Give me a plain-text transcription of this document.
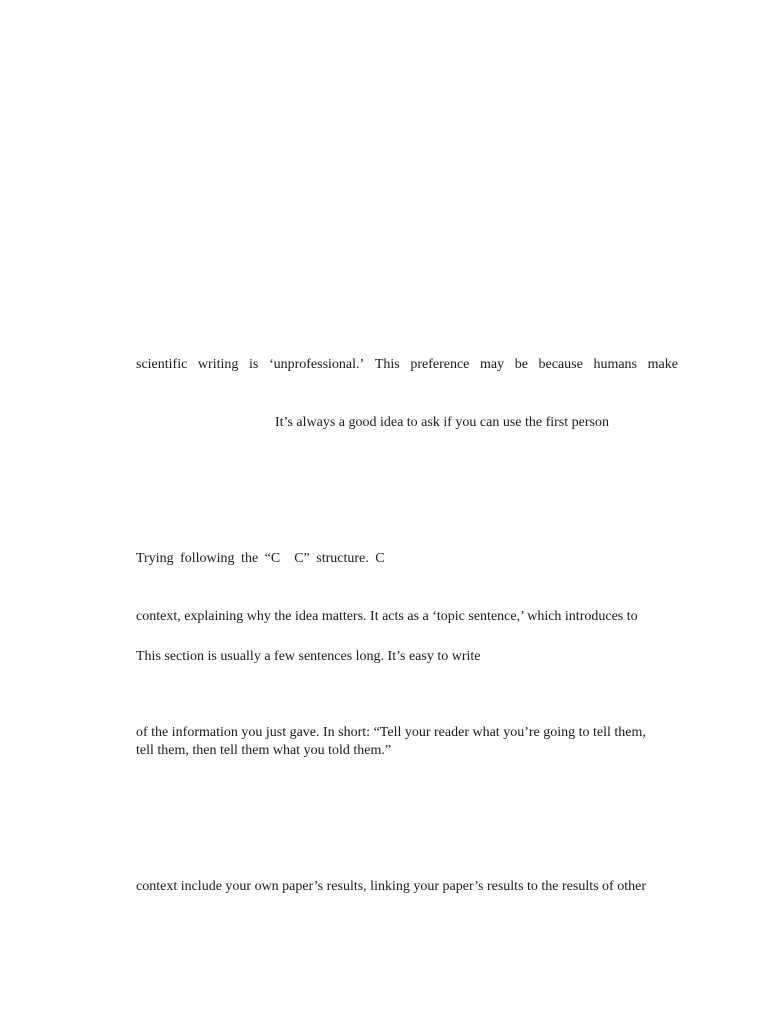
scientific writing is ‘unprofessional.’ This preference may be because humans make
It’s always a good idea to ask if you can use the first person
Trying following the “C C” structure. C
context, explaining why the idea matters. It acts as a ‘topic sentence,’ which introduces to
This section is usually a few sentences long. It’s easy to write
of the information you just gave. In short: “Tell your reader what you’re going to tell them,
tell them, then tell them what you told them.”
context include your own paper’s results, linking your paper’s results to the results of other
